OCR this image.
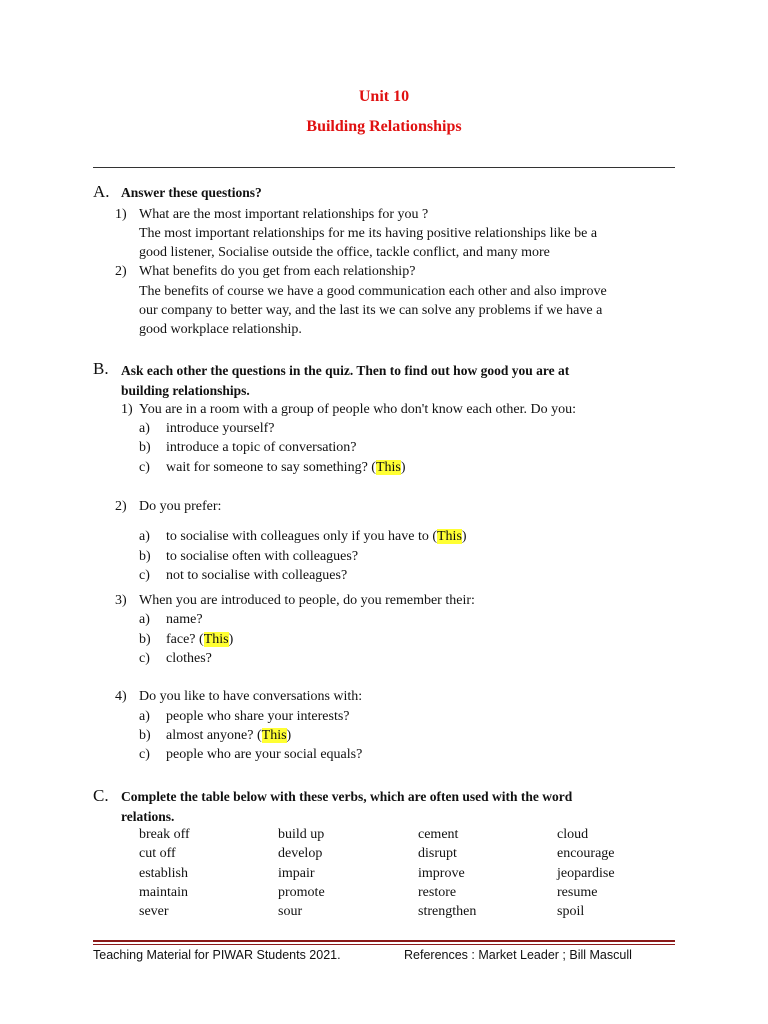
Unit 10
Building Relationships
A. Answer these questions?
1) What are the most important relationships for you ?
The most important relationships for me its having positive relationships like be a
good listener, Socialise outside the office, tackle conflict, and many more
2) What benefits do you get from each relationship?
The benefits of course we have a good communication each other and also improve
our company to better way, and the last its we can solve any problems if we have a
good workplace relationship.
B. Ask each other the questions in the quiz. Then to find out how good you are at
building relationships.
1) You are in a room with a group of people who don't know each other. Do you:
a) introduce yourself?
b) introduce a topic of conversation?
c) wait for someone to say something? (This)
2) Do you prefer:
a) to socialise with colleagues only if you have to (This)
b) to socialise often with colleagues?
c) not to socialise with colleagues?
3) When you are introduced to people, do you remember their:
a) name?
b) face? (This)
c) clothes?
4) Do you like to have conversations with:
a) people who share your interests?
b) almost anyone? (This)
c) people who are your social equals?
C. Complete the table below with these verbs, which are often used with the word
relations.
break off	build up	cement	cloud
cut off	develop	disrupt	encourage
establish	impair	improve	jeopardise
maintain	promote	restore	resume
sever	sour	strengthen	spoil
Teaching Material for PIWAR Students 2021.	References : Market Leader ; Bill Mascull
